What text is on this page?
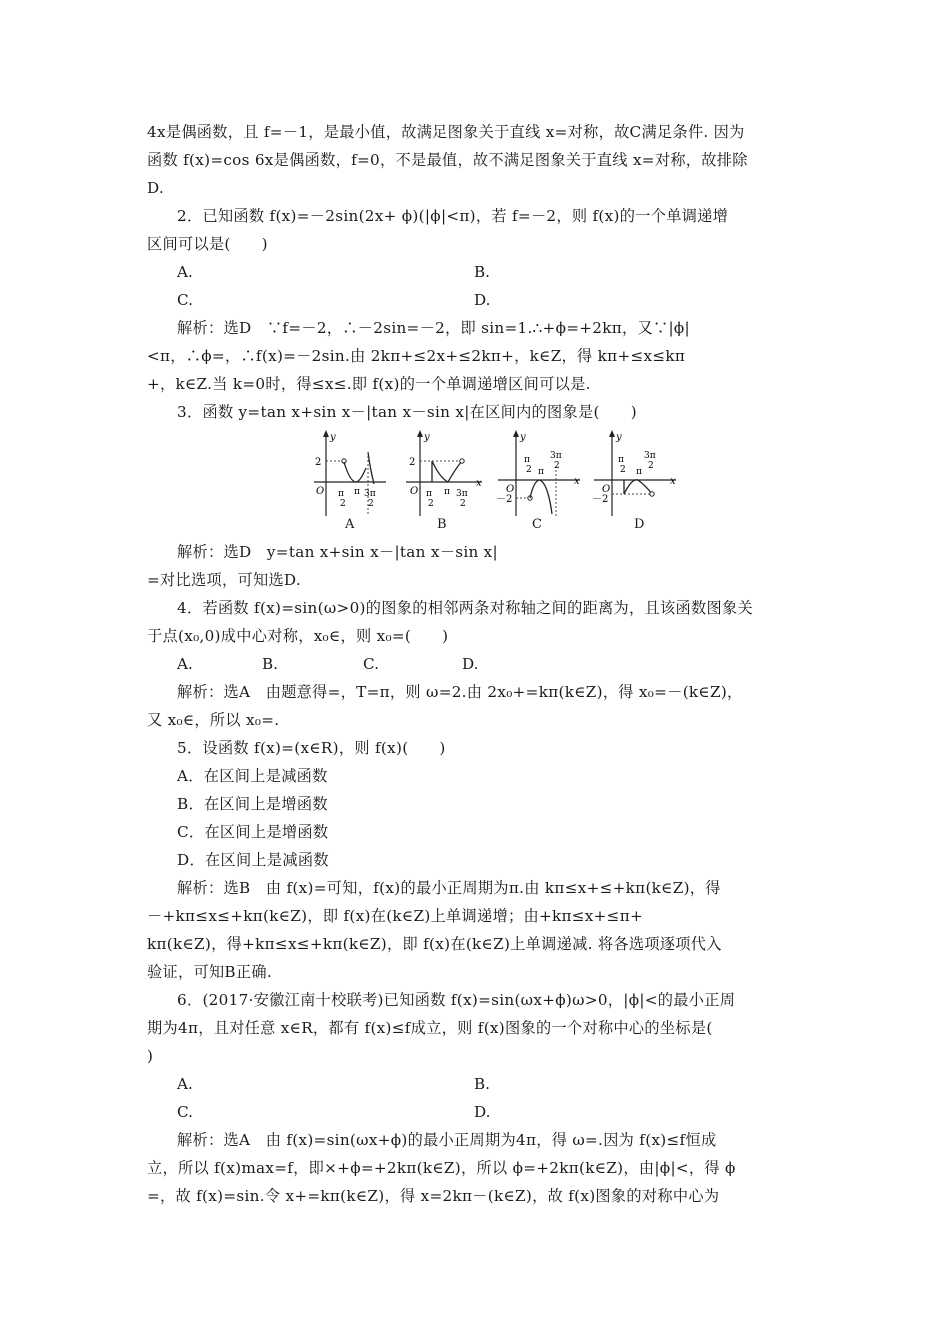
4x是偶函数，且 f=－1，是最小值，故满足图象关于直线 x=对称，故C满足条件. 因为
函数 f(x)=cos 6x是偶函数，f=0，不是最值，故不满足图象关于直线 x=对称，故排除
D.
2．已知函数 f(x)=－2sin(2x+ ϕ)(|ϕ|<π)，若 f=－2，则 f(x)的一个单调递增
区间可以是(　　)
A.	B.
C.	D.
解析：选D　∵f=－2，∴－2sin=－2，即 sin=1.∴+ϕ=+2kπ，又∵|ϕ|
<π，∴ϕ=，∴f(x)=－2sin.由 2kπ+≤2x+≤2kπ+，k∈Z，得 kπ+≤x≤kπ
+，k∈Z.当 k=0时，得≤x≤.即 f(x)的一个单调递增区间可以是.
3．函数 y=tan x+sin x－|tan x－sin x|在区间内的图象是(　　)
y
2
O π
2
π 3π
2
A
y
2
O π
2
π 3π
2
x
B
y
O
－2
π
2 π
3π
2
x
C
y
O
－2
π
2 π
3π
2
x
D
解析：选D　y=tan x+sin x－|tan x－sin x|
=对比选项，可知选D.
4．若函数 f(x)=sin(ω>0)的图象的相邻两条对称轴之间的距离为，且该函数图象关
于点(x₀,0)成中心对称，x₀∈，则 x₀=(　　)
A.	B.	C.	D.
解析：选A　由题意得=，T=π，则 ω=2.由 2x₀+=kπ(k∈Z)，得 x₀=－(k∈Z)，
又 x₀∈，所以 x₀=.
5．设函数 f(x)=(x∈R)，则 f(x)(　　)
A．在区间上是减函数
B．在区间上是增函数
C．在区间上是增函数
D．在区间上是减函数
解析：选B　由 f(x)=可知，f(x)的最小正周期为π.由 kπ≤x+≤+kπ(k∈Z)，得
－+kπ≤x≤+kπ(k∈Z)，即 f(x)在(k∈Z)上单调递增；由+kπ≤x+≤π+
kπ(k∈Z)，得+kπ≤x≤+kπ(k∈Z)，即 f(x)在(k∈Z)上单调递减. 将各选项逐项代入
验证，可知B正确.
6．(2017·安徽江南十校联考)已知函数 f(x)=sin(ωx+ϕ)ω>0，|ϕ|<的最小正周
期为4π，且对任意 x∈R，都有 f(x)≤f成立，则 f(x)图象的一个对称中心的坐标是(
)
A.	B.
C.	D.
解析：选A　由 f(x)=sin(ωx+ϕ)的最小正周期为4π，得 ω=.因为 f(x)≤f恒成
立，所以 f(x)max=f，即×+ϕ=+2kπ(k∈Z)，所以 ϕ=+2kπ(k∈Z)，由|ϕ|<，得 ϕ
=，故 f(x)=sin.令 x+=kπ(k∈Z)，得 x=2kπ－(k∈Z)，故 f(x)图象的对称中心为
